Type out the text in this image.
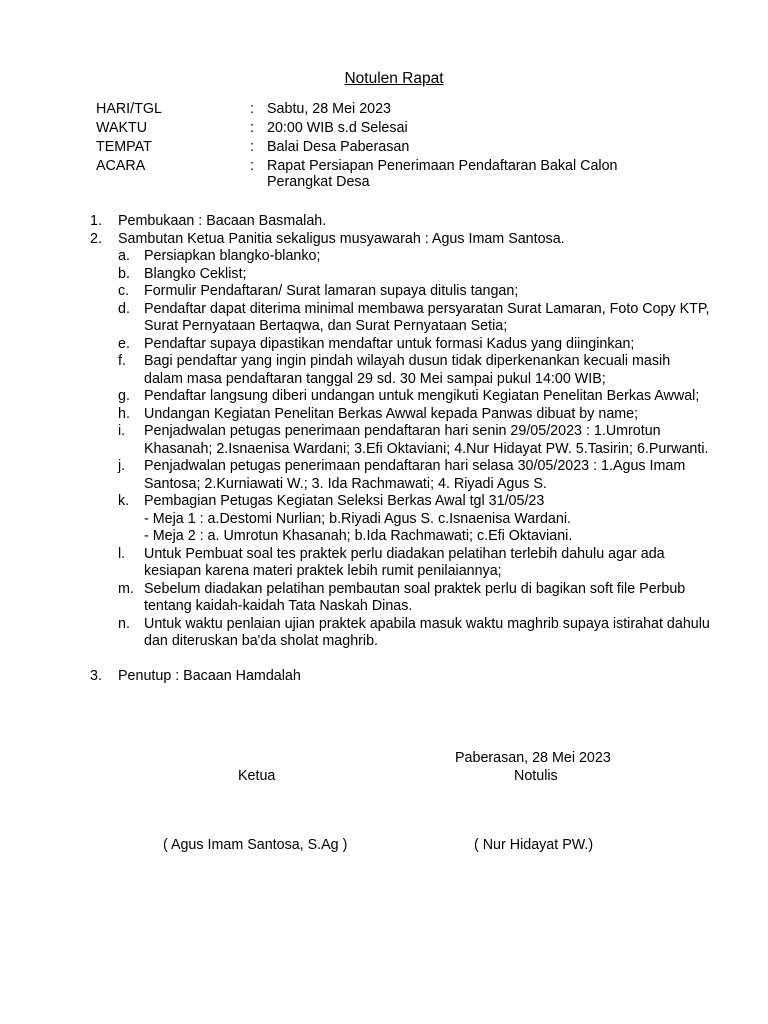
Notulen Rapat
HARI/TGL	: Sabtu, 28 Mei 2023
WAKTU	: 20:00 WIB s.d Selesai
TEMPAT	: Balai Desa Paberasan
ACARA	: Rapat Persiapan Penerimaan Pendaftaran Bakal Calon Perangkat Desa
1. Pembukaan : Bacaan Basmalah.
2. Sambutan Ketua Panitia sekaligus musyawarah : Agus Imam Santosa.
a. Persiapkan blangko-blanko;
b. Blangko Ceklist;
c. Formulir Pendaftaran/ Surat lamaran supaya ditulis tangan;
d. Pendaftar dapat diterima minimal membawa persyaratan Surat Lamaran, Foto Copy KTP, Surat Pernyataan Bertaqwa, dan Surat Pernyataan Setia;
e. Pendaftar supaya dipastikan mendaftar untuk formasi Kadus yang diinginkan;
f. Bagi pendaftar yang ingin pindah wilayah dusun tidak diperkenankan kecuali masih dalam masa pendaftaran tanggal 29 sd. 30 Mei sampai pukul 14:00 WIB;
g. Pendaftar langsung diberi undangan untuk mengikuti Kegiatan Penelitan Berkas Awwal;
h. Undangan Kegiatan Penelitan Berkas Awwal kepada Panwas dibuat by name;
i. Penjadwalan petugas penerimaan pendaftaran hari senin 29/05/2023 : 1.Umrotun Khasanah; 2.Isnaenisa Wardani; 3.Efi Oktaviani; 4.Nur Hidayat PW. 5.Tasirin; 6.Purwanti.
j. Penjadwalan petugas penerimaan pendaftaran hari selasa 30/05/2023 : 1.Agus Imam Santosa; 2.Kurniawati W.; 3. Ida Rachmawati; 4. Riyadi Agus S.
k. Pembagian Petugas Kegiatan Seleksi Berkas Awal tgl 31/05/23
- Meja 1 : a.Destomi Nurlian; b.Riyadi Agus S. c.Isnaenisa Wardani.
- Meja 2 : a. Umrotun Khasanah; b.Ida Rachmawati; c.Efi Oktaviani.
l. Untuk Pembuat soal tes praktek perlu diadakan pelatihan terlebih dahulu agar ada kesiapan karena materi praktek lebih rumit penilaiannya;
m. Sebelum diadakan pelatihan pembautan soal praktek perlu di bagikan soft file Perbub tentang kaidah-kaidah Tata Naskah Dinas.
n. Untuk waktu penlaian ujian praktek apabila masuk waktu maghrib supaya istirahat dahulu dan diteruskan ba'da sholat maghrib.
3. Penutup : Bacaan Hamdalah
Paberasan, 28 Mei 2023
Ketua	Notulis
( Agus Imam Santosa, S.Ag )	( Nur Hidayat PW.)
